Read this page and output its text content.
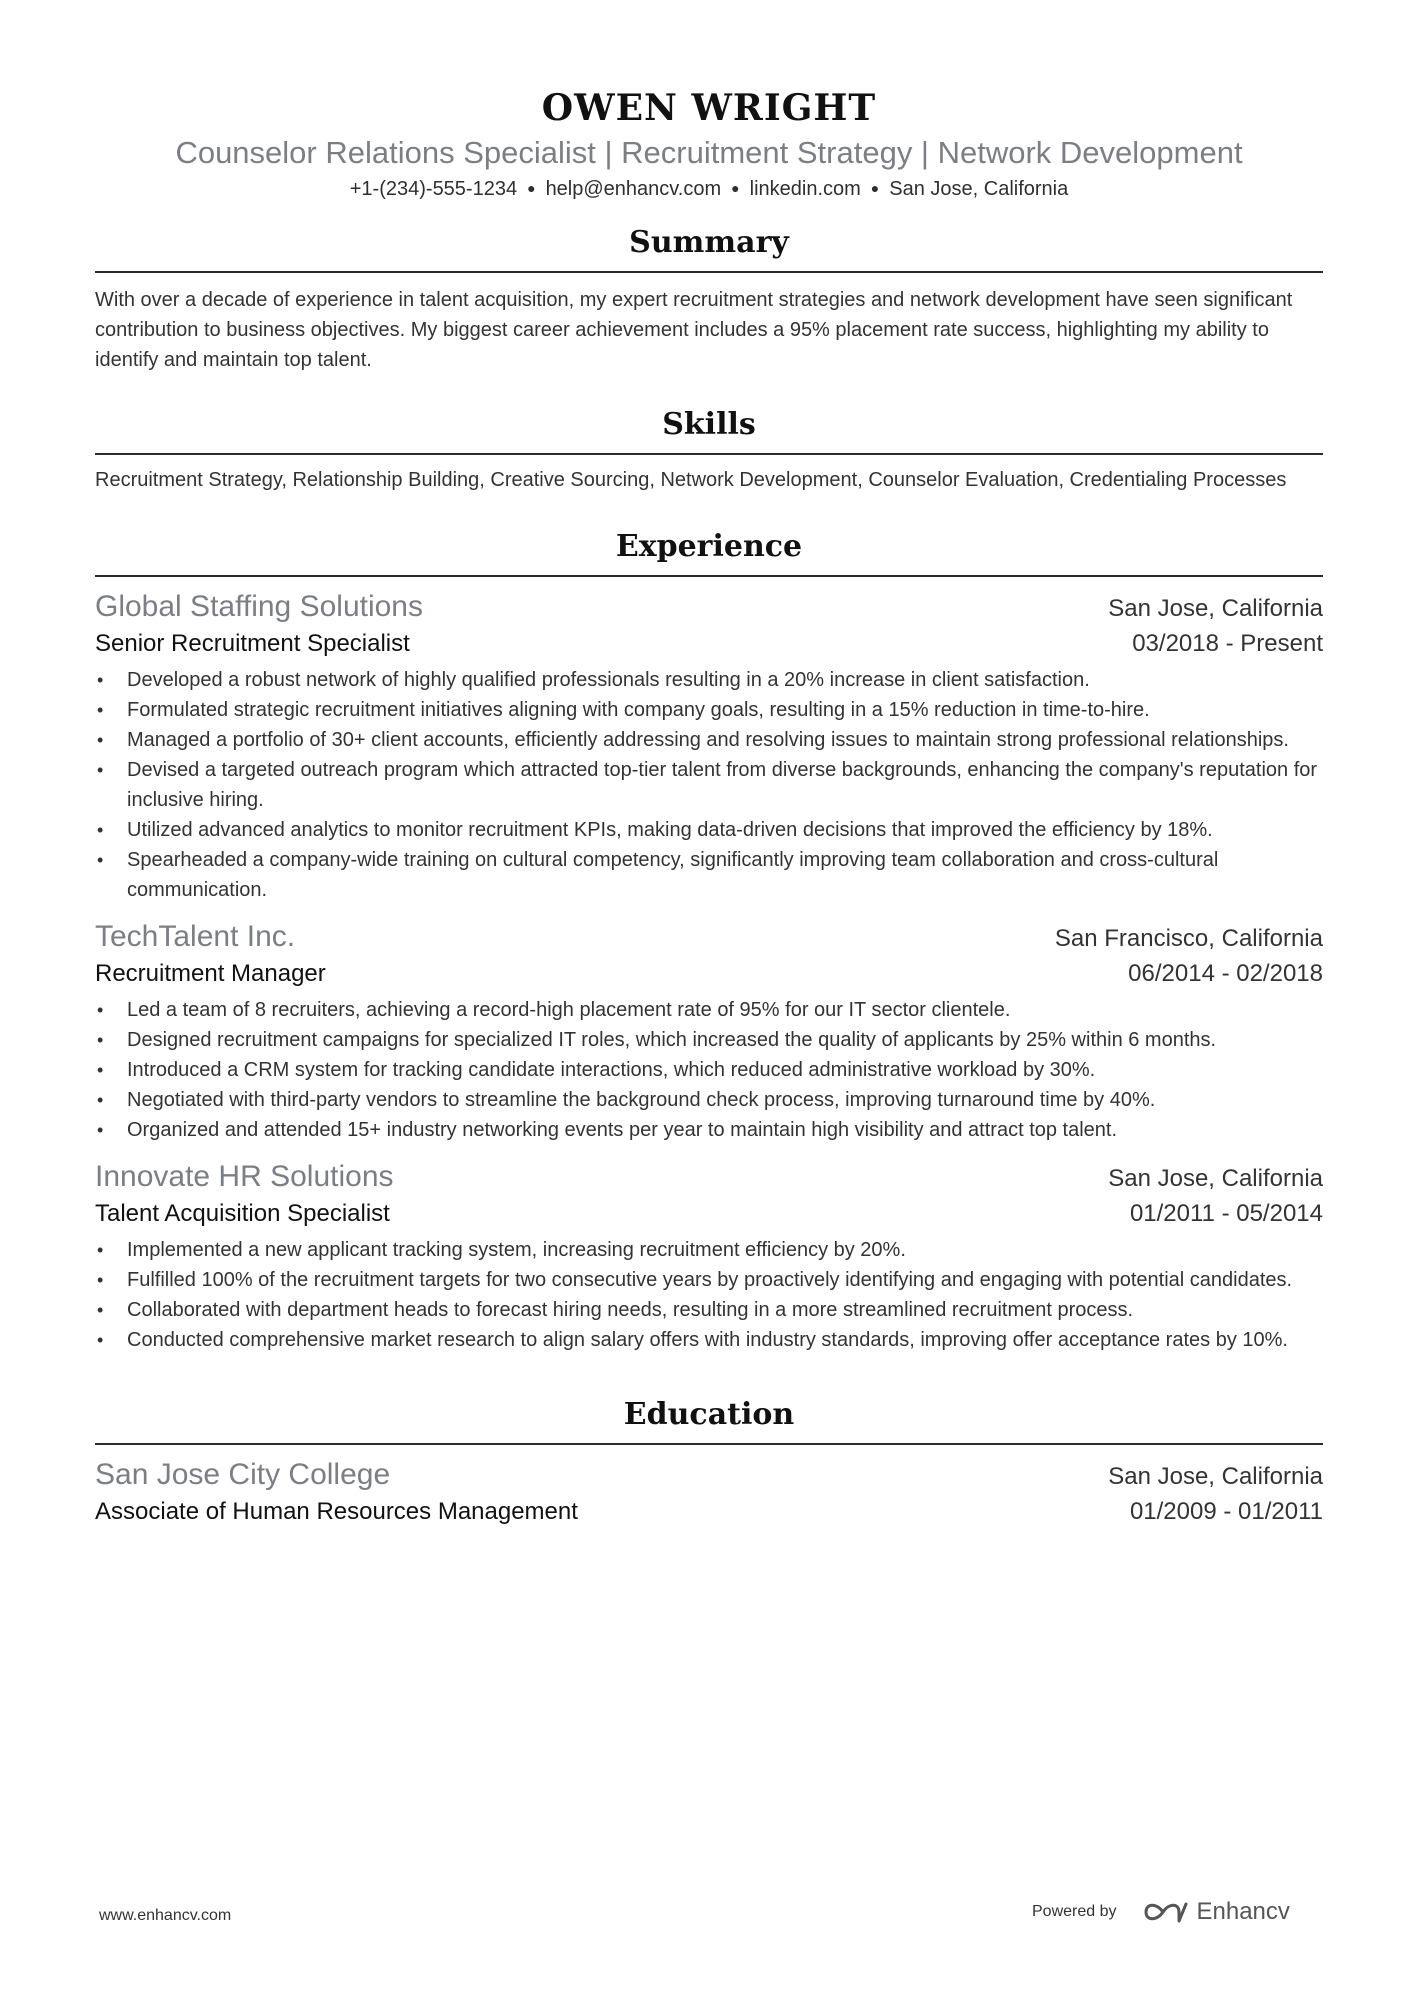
OWEN WRIGHT
Counselor Relations Specialist | Recruitment Strategy | Network Development
+1-(234)-555-1234 ● help@enhancv.com ● linkedin.com ● San Jose, California
Summary
With over a decade of experience in talent acquisition, my expert recruitment strategies and network development have seen significant contribution to business objectives. My biggest career achievement includes a 95% placement rate success, highlighting my ability to identify and maintain top talent.
Skills
Recruitment Strategy, Relationship Building, Creative Sourcing, Network Development, Counselor Evaluation, Credentialing Processes
Experience
Global Staffing Solutions	San Jose, California
Senior Recruitment Specialist	03/2018 - Present
• Developed a robust network of highly qualified professionals resulting in a 20% increase in client satisfaction.
• Formulated strategic recruitment initiatives aligning with company goals, resulting in a 15% reduction in time-to-hire.
• Managed a portfolio of 30+ client accounts, efficiently addressing and resolving issues to maintain strong professional relationships.
• Devised a targeted outreach program which attracted top-tier talent from diverse backgrounds, enhancing the company's reputation for inclusive hiring.
• Utilized advanced analytics to monitor recruitment KPIs, making data-driven decisions that improved the efficiency by 18%.
• Spearheaded a company-wide training on cultural competency, significantly improving team collaboration and cross-cultural communication.
TechTalent Inc.	San Francisco, California
Recruitment Manager	06/2014 - 02/2018
• Led a team of 8 recruiters, achieving a record-high placement rate of 95% for our IT sector clientele.
• Designed recruitment campaigns for specialized IT roles, which increased the quality of applicants by 25% within 6 months.
• Introduced a CRM system for tracking candidate interactions, which reduced administrative workload by 30%.
• Negotiated with third-party vendors to streamline the background check process, improving turnaround time by 40%.
• Organized and attended 15+ industry networking events per year to maintain high visibility and attract top talent.
Innovate HR Solutions	San Jose, California
Talent Acquisition Specialist	01/2011 - 05/2014
• Implemented a new applicant tracking system, increasing recruitment efficiency by 20%.
• Fulfilled 100% of the recruitment targets for two consecutive years by proactively identifying and engaging with potential candidates.
• Collaborated with department heads to forecast hiring needs, resulting in a more streamlined recruitment process.
• Conducted comprehensive market research to align salary offers with industry standards, improving offer acceptance rates by 10%.
Education
San Jose City College	San Jose, California
Associate of Human Resources Management	01/2009 - 01/2011
www.enhancv.com	Powered by	Enhancv
